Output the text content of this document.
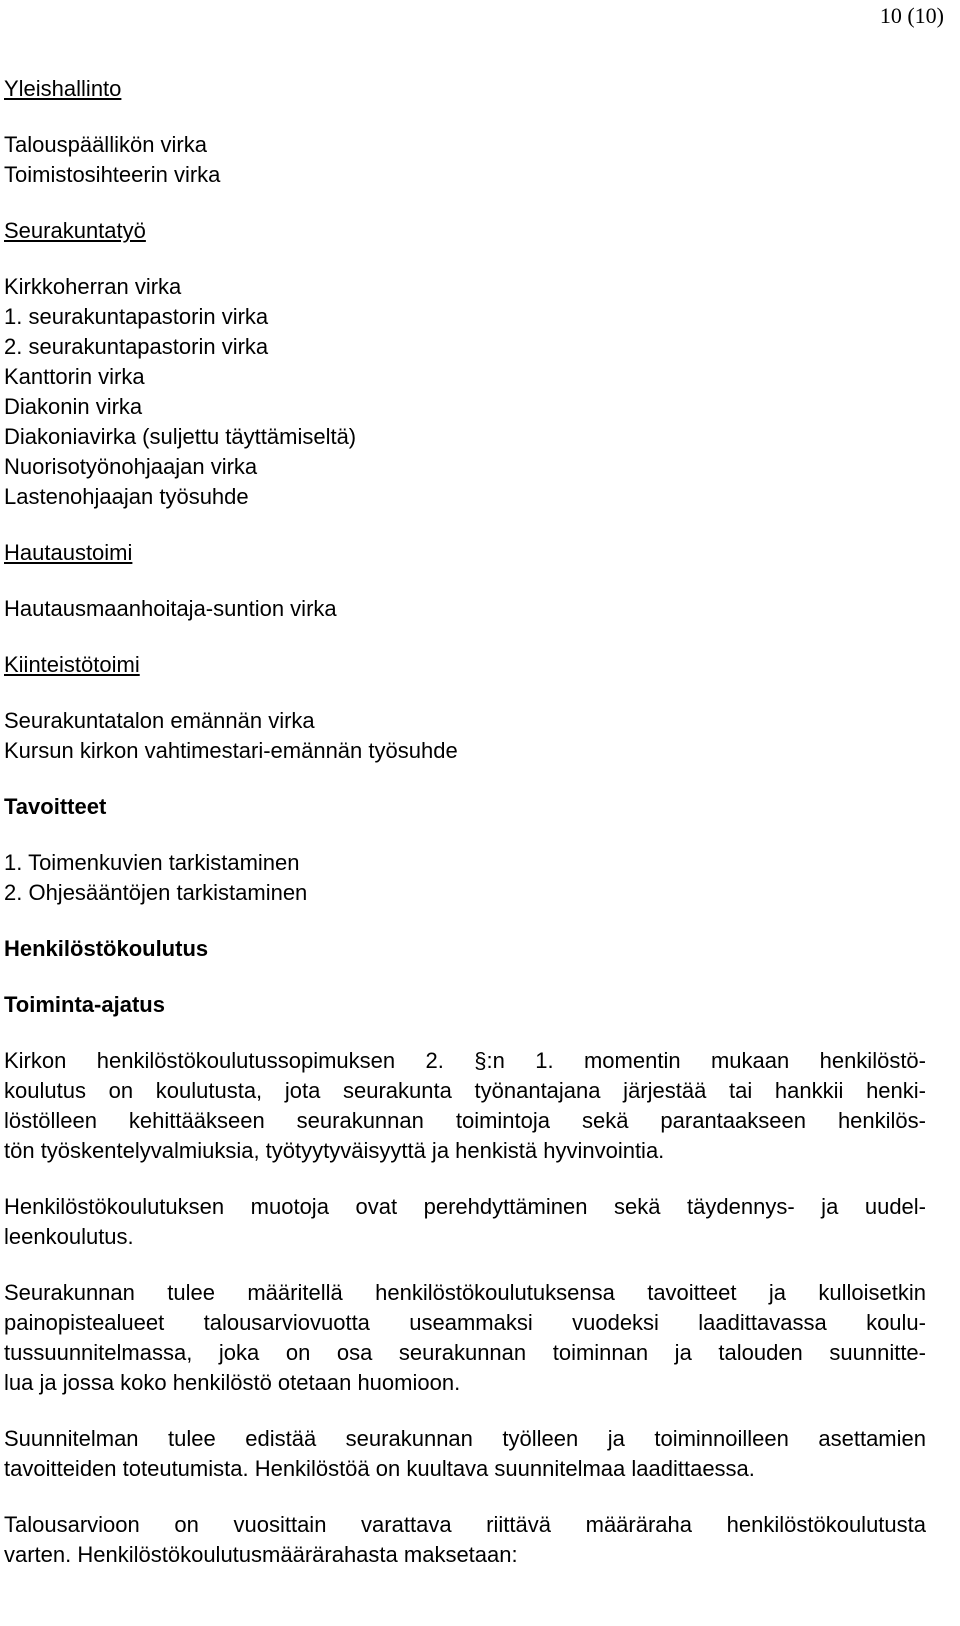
10 (10)
Yleishallinto
Talouspäällikön virka
Toimistosihteerin virka
Seurakuntatyö
Kirkkoherran virka
1. seurakuntapastorin virka
2. seurakuntapastorin virka
Kanttorin virka
Diakonin virka
Diakoniavirka (suljettu täyttämiseltä)
Nuorisotyönohjaajan virka
Lastenohjaajan työsuhde
Hautaustoimi
Hautausmaanhoitaja-suntion virka
Kiinteistötoimi
Seurakuntatalon emännän virka
Kursun kirkon vahtimestari-emännän työsuhde
Tavoitteet
1. Toimenkuvien tarkistaminen
2. Ohjesääntöjen tarkistaminen
Henkilöstökoulutus
Toiminta-ajatus
Kirkon henkilöstökoulutussopimuksen 2. §:n 1. momentin mukaan henkilöstö-
koulutus on koulutusta, jota seurakunta työnantajana järjestää tai hankkii henki-
löstölleen kehittääkseen seurakunnan toimintoja sekä parantaakseen henkilös-
tön työskentelyvalmiuksia, työtyytyväisyyttä ja henkistä hyvinvointia.
Henkilöstökoulutuksen muotoja ovat perehdyttäminen sekä täydennys- ja uudel-
leenkoulutus.
Seurakunnan tulee määritellä henkilöstökoulutuksensa tavoitteet ja kulloisetkin
painopistealueet talousarviovuotta useammaksi vuodeksi laadittavassa koulu-
tussuunnitelmassa, joka on osa seurakunnan toiminnan ja talouden suunnitte-
lua ja jossa koko henkilöstö otetaan huomioon.
Suunnitelman tulee edistää seurakunnan työlleen ja toiminnoilleen asettamien
tavoitteiden toteutumista. Henkilöstöä on kuultava suunnitelmaa laadittaessa.
Talousarvioon on vuosittain varattava riittävä määräraha henkilöstökoulutusta
varten. Henkilöstökoulutusmäärärahasta maksetaan:
